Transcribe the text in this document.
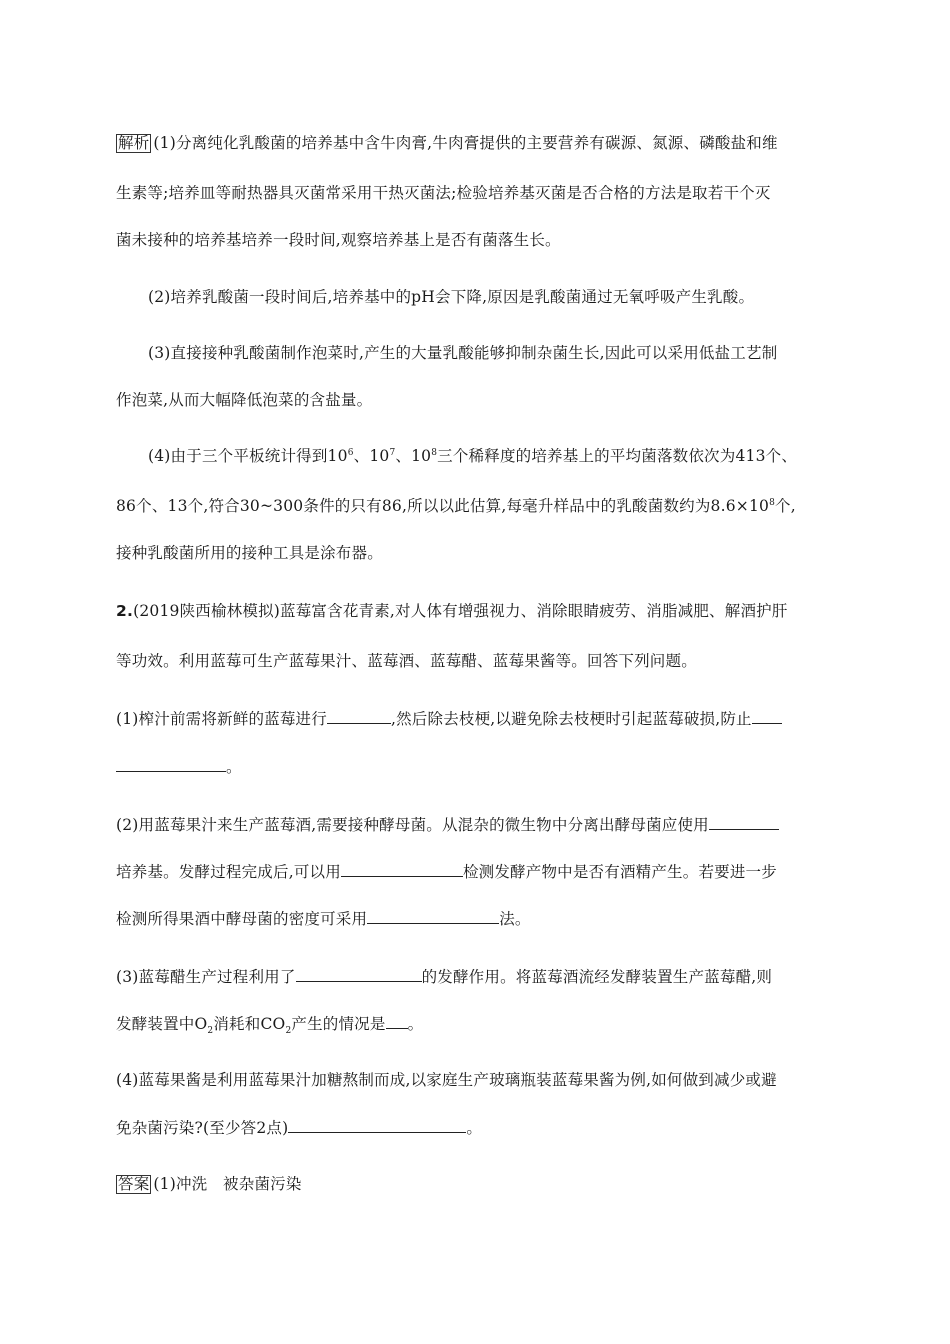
解析 (1)分离纯化乳酸菌的培养基中含牛肉膏,牛肉膏提供的主要营养有碳源、氮源、磷酸盐和维
生素等;培养皿等耐热器具灭菌常采用干热灭菌法;检验培养基灭菌是否合格的方法是取若干个灭
菌未接种的培养基培养一段时间,观察培养基上是否有菌落生长。
(2)培养乳酸菌一段时间后,培养基中的pH会下降,原因是乳酸菌通过无氧呼吸产生乳酸。
(3)直接接种乳酸菌制作泡菜时,产生的大量乳酸能够抑制杂菌生长,因此可以采用低盐工艺制
作泡菜,从而大幅降低泡菜的含盐量。
(4)由于三个平板统计得到$10^6$、$10^7$、$10^8$三个稀释度的培养基上的平均菌落数依次为413个、
86个、13个,符合30~300条件的只有86,所以以此估算,每毫升样品中的乳酸菌数约为$8.6\times 10^8$个,
接种乳酸菌所用的接种工具是涂布器。
2.(2019陕西榆林模拟)蓝莓富含花青素,对人体有增强视力、消除眼睛疲劳、消脂减肥、解酒护肝
等功效。利用蓝莓可生产蓝莓果汁、蓝莓酒、蓝莓醋、蓝莓果酱等。回答下列问题。
(1)榨汁前需将新鲜的蓝莓进行	,然后除去枝梗,以避免除去枝梗时引起蓝莓破损,防止
。
(2)用蓝莓果汁来生产蓝莓酒,需要接种酵母菌。从混杂的微生物中分离出酵母菌应使用
培养基。发酵过程完成后,可以用	检测发酵产物中是否有酒精产生。若要进一步
检测所得果酒中酵母菌的密度可采用	法。
(3)蓝莓醋生产过程利用了	的发酵作用。将蓝莓酒流经发酵装置生产蓝莓醋,则
发酵装置中$O_2$消耗和$CO_2$产生的情况是 。
(4)蓝莓果酱是利用蓝莓果汁加糖熬制而成,以家庭生产玻璃瓶装蓝莓果酱为例,如何做到减少或避
免杂菌污染?(至少答2点)	。
答案 (1)冲洗　被杂菌污染
